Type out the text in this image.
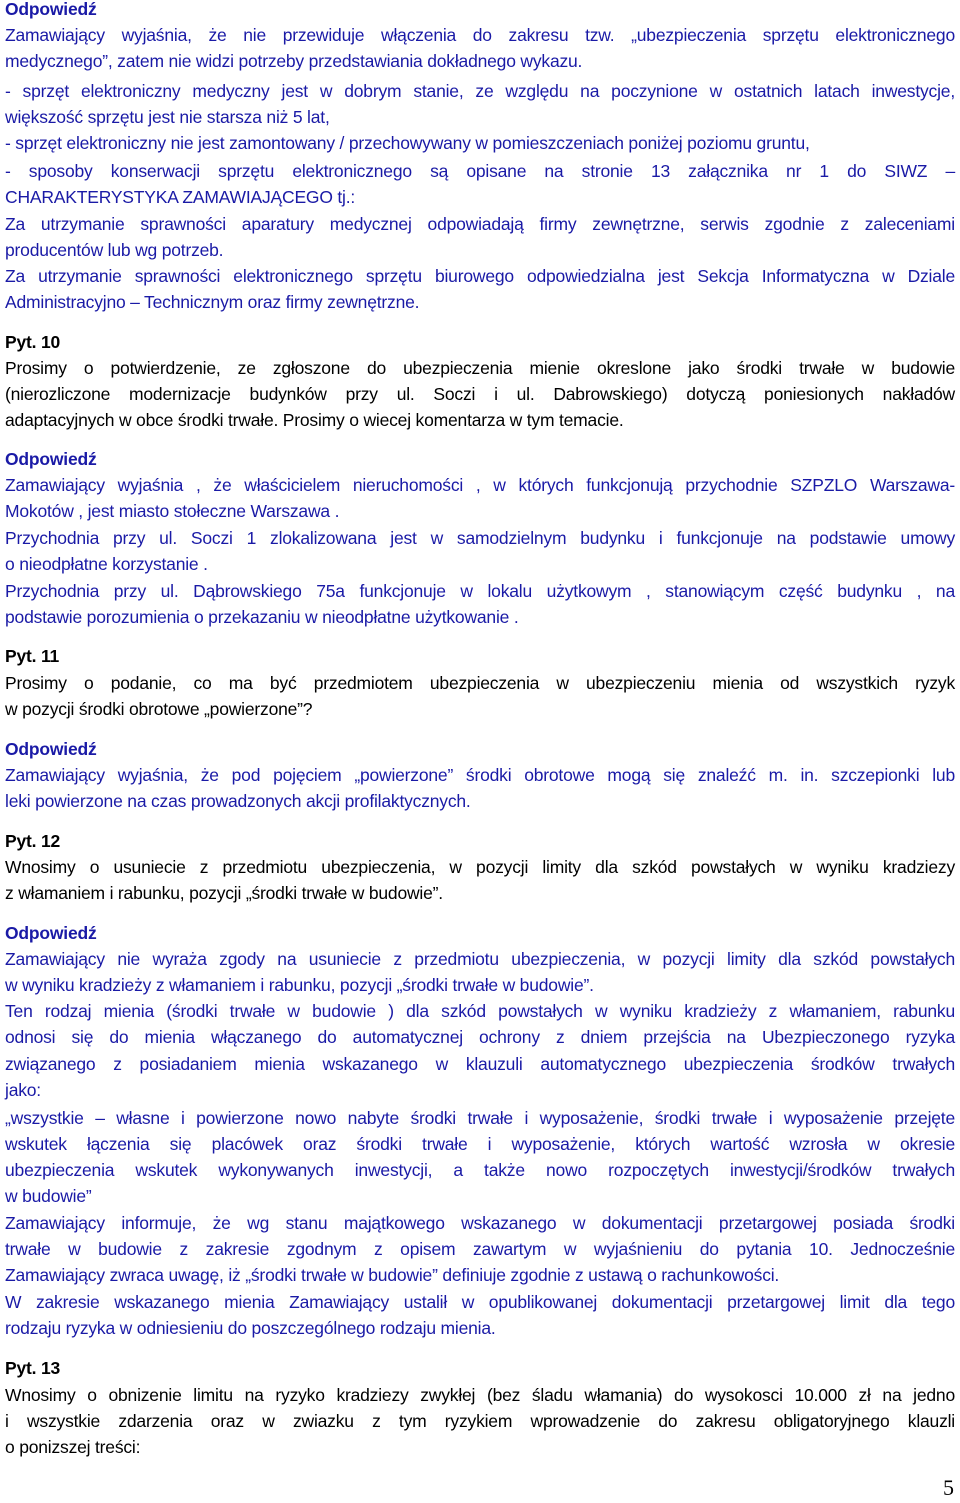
Odpowiedź
Zamawiający wyjaśnia, że nie przewiduje włączenia do zakresu tzw. „ubezpieczenia sprzętu elektronicznego
medycznego”, zatem nie widzi potrzeby przedstawiania dokładnego wykazu.
- sprzęt elektroniczny medyczny jest w dobrym stanie, ze względu na poczynione w ostatnich latach inwestycje,
większość sprzętu jest nie starsza niż 5 lat,
- sprzęt elektroniczny nie jest zamontowany / przechowywany w pomieszczeniach poniżej poziomu gruntu,
- sposoby konserwacji sprzętu elektronicznego są opisane na stronie 13 załącznika nr 1 do SIWZ –
CHARAKTERYSTYKA ZAMAWIAJĄCEGO tj.:
Za utrzymanie sprawności aparatury medycznej odpowiadają firmy zewnętrzne, serwis zgodnie z zaleceniami
producentów lub wg potrzeb.
Za utrzymanie sprawności elektronicznego sprzętu biurowego odpowiedzialna jest Sekcja Informatyczna w Dziale
Administracyjno – Technicznym oraz firmy zewnętrzne.
Pyt. 10
Prosimy o potwierdzenie, ze zgłoszone do ubezpieczenia mienie okreslone jako środki trwałe w budowie
(nierozliczone modernizacje budynków przy ul. Soczi i ul. Dabrowskiego) dotyczą poniesionych nakładów
adaptacyjnych w obce środki trwałe. Prosimy o wiecej komentarza w tym temacie.
Odpowiedź
Zamawiający wyjaśnia , że właścicielem nieruchomości , w których funkcjonują przychodnie SZPZLO Warszawa-
Mokotów , jest miasto stołeczne Warszawa .
Przychodnia przy ul. Soczi 1 zlokalizowana jest w samodzielnym budynku i funkcjonuje na podstawie umowy
o nieodpłatne korzystanie .
Przychodnia przy ul. Dąbrowskiego 75a funkcjonuje w lokalu użytkowym , stanowiącym część budynku , na
podstawie porozumienia o przekazaniu w nieodpłatne użytkowanie .
Pyt. 11
Prosimy o podanie, co ma być przedmiotem ubezpieczenia w ubezpieczeniu mienia od wszystkich ryzyk
w pozycji środki obrotowe „powierzone”?
Odpowiedź
Zamawiający wyjaśnia, że pod pojęciem „powierzone” środki obrotowe mogą się znaleźć m. in. szczepionki lub
leki powierzone na czas prowadzonych akcji profilaktycznych.
Pyt. 12
Wnosimy o usuniecie z przedmiotu ubezpieczenia, w pozycji limity dla szkód powstałych w wyniku kradziezy
z włamaniem i rabunku, pozycji „środki trwałe w budowie”.
Odpowiedź
Zamawiający nie wyraża zgody na usuniecie z przedmiotu ubezpieczenia, w pozycji limity dla szkód powstałych
w wyniku kradzieży z włamaniem i rabunku, pozycji „środki trwałe w budowie”.
Ten rodzaj mienia (środki trwałe w budowie ) dla szkód powstałych w wyniku kradzieży z włamaniem, rabunku
odnosi się do mienia włączanego do automatycznej ochrony z dniem przejścia na Ubezpieczonego ryzyka
związanego z posiadaniem mienia wskazanego w klauzuli automatycznego ubezpieczenia środków trwałych
jako:
„wszystkie – własne i powierzone nowo nabyte środki trwałe i wyposażenie, środki trwałe i wyposażenie przejęte
wskutek łączenia się placówek oraz środki trwałe i wyposażenie, których wartość wzrosła w okresie
ubezpieczenia wskutek wykonywanych inwestycji, a także nowo rozpoczętych inwestycji/środków trwałych
w budowie”
Zamawiający informuje, że wg stanu majątkowego wskazanego w dokumentacji przetargowej posiada środki
trwałe w budowie z zakresie zgodnym z opisem zawartym w wyjaśnieniu do pytania 10. Jednocześnie
Zamawiający zwraca uwagę, iż „środki trwałe w budowie” definiuje zgodnie z ustawą o rachunkowości.
W zakresie wskazanego mienia Zamawiający ustalił w opublikowanej dokumentacji przetargowej limit dla tego
rodzaju ryzyka w odniesieniu do poszczególnego rodzaju mienia.
Pyt. 13
Wnosimy o obnizenie limitu na ryzyko kradziezy zwykłej (bez śladu włamania) do wysokosci 10.000 zł na jedno
i wszystkie zdarzenia oraz w zwiazku z tym ryzykiem wprowadzenie do zakresu obligatoryjnego klauzli
o ponizszej treści:
5
